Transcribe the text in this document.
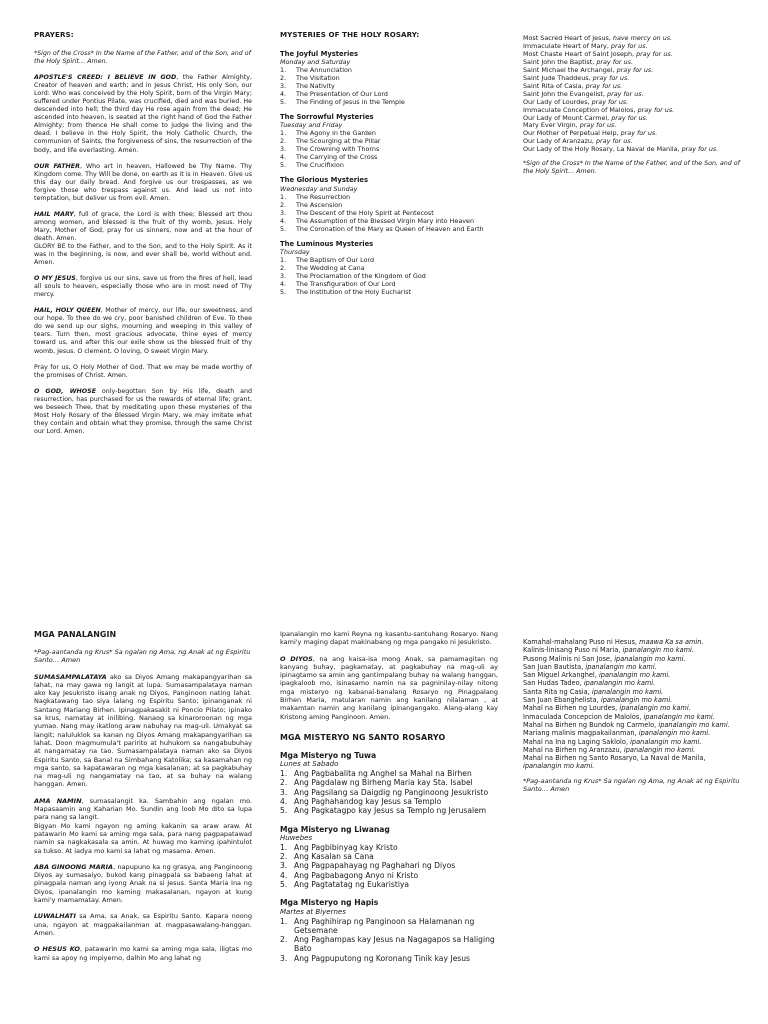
PRAYERS:

*Sign of the Cross* In the Name of the Father, and of the Son, and of the Holy Spirit… Amen.

APOSTLE'S CREED: I BELIEVE IN GOD, the Father Almighty, Creator of heaven and earth; and in Jesus Christ, His only Son, our Lord: Who was conceived by the Holy Spirit, born of the Virgin Mary; suffered under Pontius Pilate, was crucified, died and was buried. He descended into hell; the third day He rose again from the dead; He ascended into heaven, is seated at the right hand of God the Father Almighty; from thence He shall come to judge the living and the dead. I believe in the Holy Spirit, the Holy Catholic Church, the communion of Saints, the forgiveness of sins, the resurrection of the body, and life everlasting. Amen.

OUR FATHER, Who art in heaven, Hallowed be Thy Name. Thy Kingdom come. Thy Will be done, on earth as it is in Heaven. Give us this day our daily bread. And forgive us our trespasses, as we forgive those who trespass against us. And lead us not into temptation, but deliver us from evil. Amen.

HAIL MARY, full of grace, the Lord is with thee; Blessed art thou among women, and blessed is the fruit of thy womb, Jesus. Holy Mary, Mother of God, pray for us sinners, now and at the hour of death. Amen.
GLORY BE to the Father, and to the Son, and to the Holy Spirit. As it was in the beginning, is now, and ever shall be, world without end. Amen.

O MY JESUS, forgive us our sins, save us from the fires of hell, lead all souls to heaven, especially those who are in most need of Thy mercy.

HAIL, HOLY QUEEN, Mother of mercy, our life, our sweetness, and our hope. To thee do we cry, poor banished children of Eve. To thee do we send up our sighs, mourning and weeping in this valley of tears. Turn then, most gracious advocate, thine eyes of mercy toward us, and after this our exile show us the blessed fruit of thy womb, Jesus. O clement, O loving, O sweet Virgin Mary.

Pray for us, O Holy Mother of God. That we may be made worthy of the promises of Christ. Amen.

O GOD, WHOSE only-begotten Son by His life, death and resurrection, has purchased for us the rewards of eternal life; grant, we beseech Thee, that by meditating upon these mysteries of the Most Holy Rosary of the Blessed Virgin Mary, we may imitate what they contain and obtain what they promise, through the same Christ our Lord. Amen.

MYSTERIES OF THE HOLY ROSARY:
The Joyful Mysteries
Monday and Saturday
1.	The Annunciation
2.	The Visitation
3.	The Nativity
4.	The Presentation of Our Lord
5.	The Finding of Jesus in the Temple
The Sorrowful Mysteries
Tuesday and Friday
1.	The Agony in the Garden
2.	The Scourging at the Pillar
3.	The Crowning with Thorns
4.	The Carrying of the Cross
5.	The Crucifixion
The Glorious Mysteries
Wednesday and Sunday
1.	The Resurrection
2.	The Ascension
3.	The Descent of the Holy Spirit at Pentecost
4.	The Assumption of the Blessed Virgin Mary into Heaven
5.	The Coronation of the Mary as Queen of Heaven and Earth
The Luminous Mysteries
Thursday
1.	The Baptism of Our Lord
2.	The Wedding at Cana
3.	The Proclamation of the Kingdom of God
4.	The Transfiguration of Our Lord
5.	The Institution of the Holy Eucharist
Most Sacred Heart of Jesus, have mercy on us.
Immaculate Heart of Mary, pray for us.
Most Chaste Heart of Saint Joseph, pray for us.
Saint John the Baptist, pray for us.
Saint Michael the Archangel, pray for us.
Saint Jude Thaddeus, pray for us.
Saint Rita of Casia, pray for us.
Saint John the Evangelist, pray for us.
Our Lady of Lourdes, pray for us.
Immaculate Conception of Malolos, pray for us.
Our Lady of Mount Carmel, pray for us.
Mary Ever Virgin, pray for us.
Our Mother of Perpetual Help, pray for us.
Our Lady of Aranzazu, pray for us.
Our Lady of the Holy Rosary, La Naval de Manila, pray for us.

*Sign of the Cross* In the Name of the Father, and of the Son, and of the Holy Spirit… Amen.

MGA PANALANGIN

*Pag-aantanda ng Krus* Sa ngalan ng Ama, ng Anak at ng Espiritu Santo… Amen

SUMASAMPALATAYA ako sa Diyos Amang makapangyarihan sa lahat, na may gawa ng langit at lupa. Sumasampalataya naman ako kay Jesukristo iisang anak ng Diyos, Panginoon nating lahat. Nagkatawang tao siya lalang ng Espiritu Santo; ipinanganak ni Santang Mariang Birhen. Ipinagpakasakit ni Poncio Pilato; ipinako sa krus, namatay at inilibing. Nanaog sa kinaroroonan ng mga yumao. Nang may ikatlong araw nabuhay na mag-uli. Umakyat sa langit; naluluklok sa kanan ng Diyos Amang makapangyarihan sa lahat. Doon magmumula't paririto at huhukom sa nangabubuhay at nangamatay na tao. Sumasampalataya naman ako sa Diyos Espiritu Santo, sa Banal na Simbahang Katolika; sa kasamahan ng mga santo, sa kapatawaran ng mga kasalanan; at sa pagkabuhay na mag-uli ng nangamatay na tao, at sa buhay na walang hanggan. Amen.

AMA NAMIN, sumasalangit ka. Sambahin ang ngalan mo. Mapasaamin ang Kaharian Mo. Sundin ang loob Mo dito sa lupa para nang sa langit.
Bigyan Mo kami ngayon ng aming kakanin sa araw araw. At patawarin Mo kami sa aming mga sala, para nang pagpapatawad namin sa nagkakasala sa amin. At huwag mo kaming ipahintulot sa tukso. At iadya mo kami sa lahat ng masama. Amen.

ABA GINOONG MARIA, napupuno ka ng grasya, ang Panginoong Diyos ay sumasaiyo, bukod kang pinagpala sa babaeng lahat at pinagpala naman ang iyong Anak na si Jesus. Santa Maria Ina ng Diyos, ipanalangin mo kaming makasalanan, ngayon at kung kami'y mamamatay. Amen.

LUWALHATI sa Ama, sa Anak, sa Espiritu Santo. Kapara noong una, ngayon at magpakailanman at magpasawalang-hanggan. Amen.

O HESUS KO, patawarin mo kami sa aming mga sala, iligtas mo kami sa apoy ng impiyerno, dalhin Mo ang lahat ng

Ipanalangin mo kami Reyna ng kasantu-santuhang Rosaryo. Nang kami'y maging dapat makinabang ng mga pangako ni Jesukristo.

O DIYOS, na ang kaisa-isa mong Anak, sa pamamagitan ng kanyang buhay, pagkamatay, at pagkabuhay na mag-uli ay ipinagtamo sa amin ang gantimpalang buhay na walang hanggan, ipagkaloob mo, isinasamo namin na sa pagninilay-nilay nitong mga misteryo ng kabanal-banalang Rosaryo ng Pinagpalang Birhen Maria, matularan namin ang kanilang nilalaman , at makamtan namin ang kanilang ipinangangako. Alang-alang kay Kristong aming Panginoon. Amen.

MGA MISTERYO NG SANTO ROSARYO
Mga Misteryo ng Tuwa
Lunes at Sabado
1. Ang Pagbabalita ng Anghel sa Mahal na Birhen
2. Ang Pagdalaw ng Birheng Maria kay Sta. Isabel
3. Ang Pagsilang sa Daigdig ng Panginoong Jesukristo
4. Ang Paghahandog kay Jesus sa Templo
5. Ang Pagkatagpo kay Jesus sa Templo ng Jerusalem
Mga Misteryo ng Liwanag
Huwebes
1. Ang Pagbibinyag kay Kristo
2. Ang Kasalan sa Cana
3. Ang Pagpapahayag ng Paghahari ng Diyos
4. Ang Pagbabagong Anyo ni Kristo
5. Ang Pagtatatag ng Eukaristiya
Mga Misteryo ng Hapis
Martes at Biyernes
1. Ang Paghihirap ng Panginoon sa Halamanan ng Getsemane
2. Ang Paghampas kay Jesus na Nagagapos sa Haliging Bato
3. Ang Pagpuputong ng Koronang Tinik kay Jesus
Kamahal-mahalang Puso ni Hesus, maawa Ka sa amin.
Kalinis-linisang Puso ni Maria, ipanalangin mo kami.
Pusong Malinis ni San Jose, ipanalangin mo kami.
San Juan Bautista, ipanalangin mo kami.
San Miguel Arkanghel, ipanalangin mo kami.
San Hudas Tadeo, ipanalangin mo kami.
Santa Rita ng Casia, ipanalangin mo kami.
San Juan Ebanghelista, ipanalangin mo kami.
Mahal na Birhen ng Lourdes, ipanalangin mo kami.
Inmaculada Concepcion de Malolos, ipanalangin mo kami.
Mahal na Birhen ng Bundok ng Carmelo, ipanalangin mo kami.
Mariang malinis magpakailanman, ipanalangin mo kami.
Mahal na Ina ng Laging Saklolo, ipanalangin mo kami.
Mahal na Birhen ng Aranzazu, ipanalangin mo kami.
Mahal na Birhen ng Santo Rosaryo, La Naval de Manila, ipanalangin mo kami.

*Pag-aantanda ng Krus* Sa ngalan ng Ama, ng Anak at ng Espiritu Santo… Amen
